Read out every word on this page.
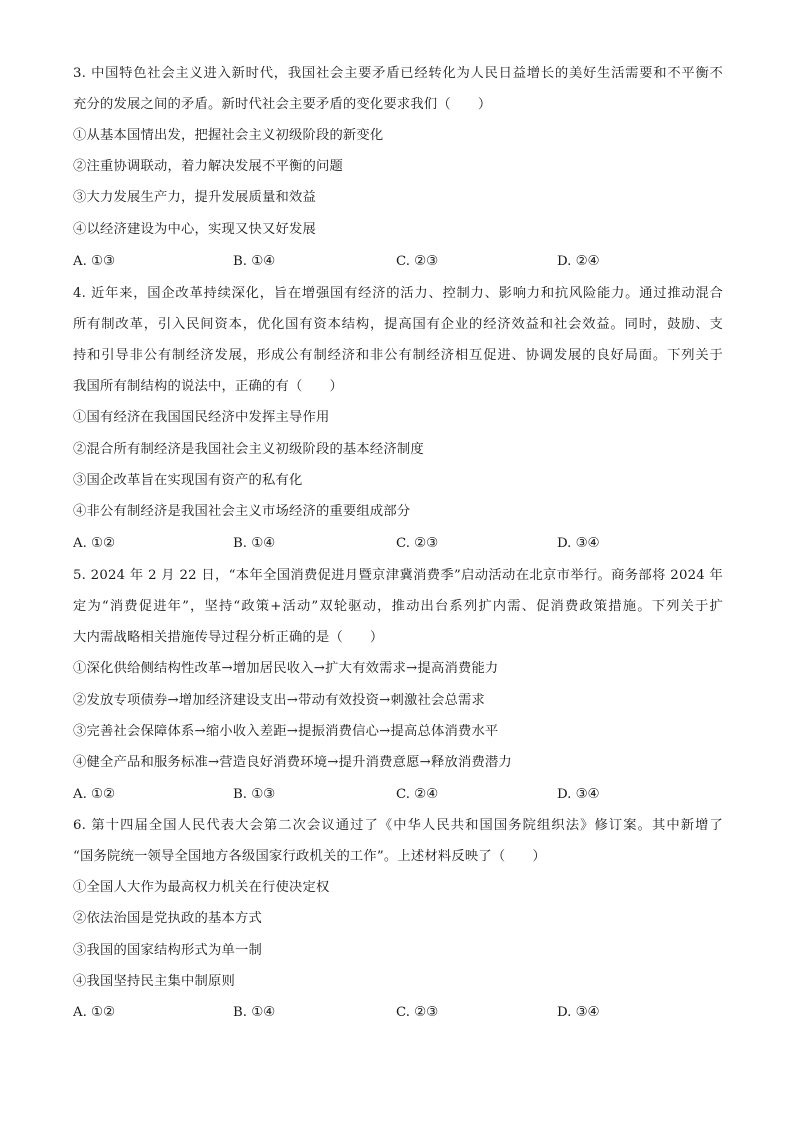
3. 中国特色社会主义进入新时代，我国社会主要矛盾已经转化为人民日益增长的美好生活需要和不平衡不
充分的发展之间的矛盾。新时代社会主要矛盾的变化要求我们（　　）
①从基本国情出发，把握社会主义初级阶段的新变化
②注重协调联动，着力解决发展不平衡的问题
③大力发展生产力，提升发展质量和效益
④以经济建设为中心，实现又快又好发展
A. ①③	B. ①④	C. ②③	D. ②④
4. 近年来，国企改革持续深化，旨在增强国有经济的活力、控制力、影响力和抗风险能力。通过推动混合
所有制改革，引入民间资本，优化国有资本结构，提高国有企业的经济效益和社会效益。同时，鼓励、支
持和引导非公有制经济发展，形成公有制经济和非公有制经济相互促进、协调发展的良好局面。下列关于
我国所有制结构的说法中，正确的有（　　）
①国有经济在我国国民经济中发挥主导作用
②混合所有制经济是我国社会主义初级阶段的基本经济制度
③国企改革旨在实现国有资产的私有化
④非公有制经济是我国社会主义市场经济的重要组成部分
A. ①②	B. ①④	C. ②③	D. ③④
5. 2024 年 2 月 22 日，“本年全国消费促进月暨京津冀消费季”启动活动在北京市举行。商务部将 2024 年
定为“消费促进年”，坚持“政策+活动”双轮驱动，推动出台系列扩内需、促消费政策措施。下列关于扩
大内需战略相关措施传导过程分析正确的是（　　）
①深化供给侧结构性改革→增加居民收入→扩大有效需求→提高消费能力
②发放专项债券→增加经济建设支出→带动有效投资→刺激社会总需求
③完善社会保障体系→缩小收入差距→提振消费信心→提高总体消费水平
④健全产品和服务标准→营造良好消费环境→提升消费意愿→释放消费潜力
A. ①②	B. ①③	C. ②④	D. ③④
6. 第十四届全国人民代表大会第二次会议通过了《中华人民共和国国务院组织法》修订案。其中新增了
“国务院统一领导全国地方各级国家行政机关的工作”。上述材料反映了（　　）
①全国人大作为最高权力机关在行使决定权
②依法治国是党执政的基本方式
③我国的国家结构形式为单一制
④我国坚持民主集中制原则
A. ①②	B. ①④	C. ②③	D. ③④
